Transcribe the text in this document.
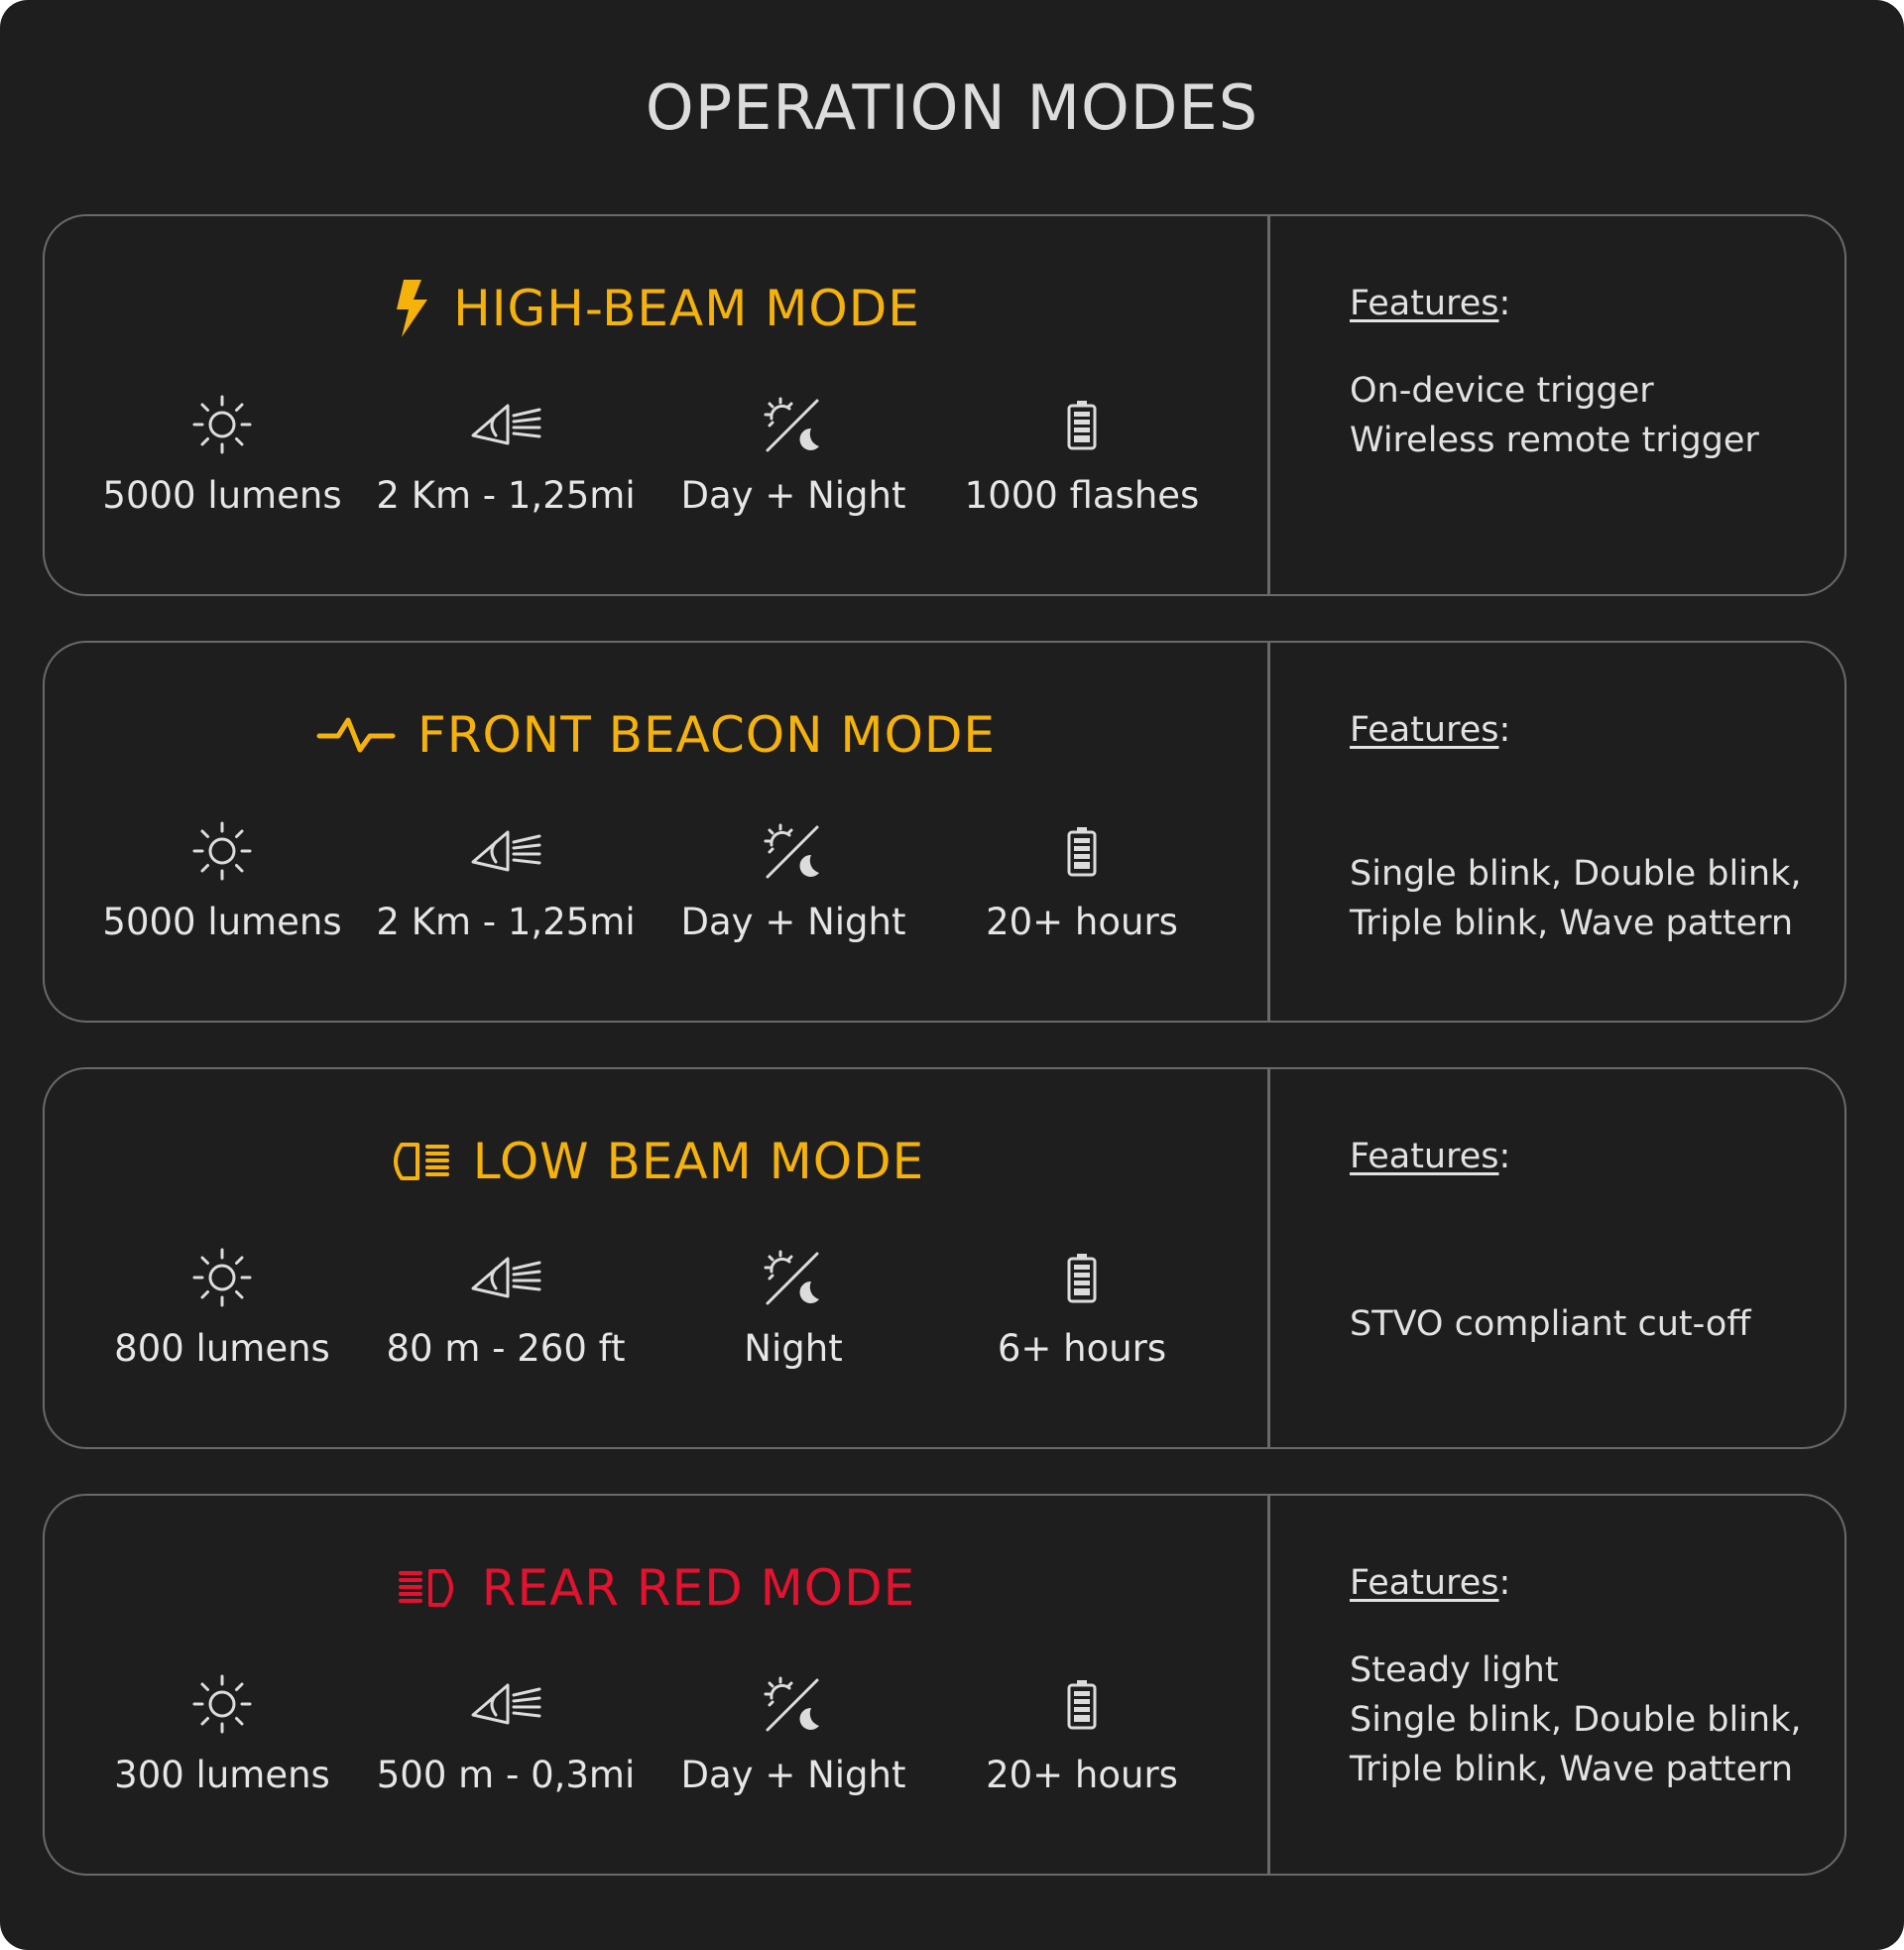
OPERATION MODES
HIGH-BEAM MODE
5000 lumens 2 Km - 1,25mi	Day + Night	1000 flashes
Features:
On-device trigger
Wireless remote trigger
FRONT BEACON MODE
5000 lumens 2 Km - 1,25mi	Day + Night	20+ hours
Features:
Single blink, Double blink,
Triple blink, Wave pattern
LOW BEAM MODE
800 lumens	80 m - 260 ft	Night	6+ hours
Features:
STVO compliant cut-off
REAR RED MODE
300 lumens	500 m - 0,3mi	Day + Night	20+ hours
Features:
Steady light
Single blink, Double blink,
Triple blink, Wave pattern
